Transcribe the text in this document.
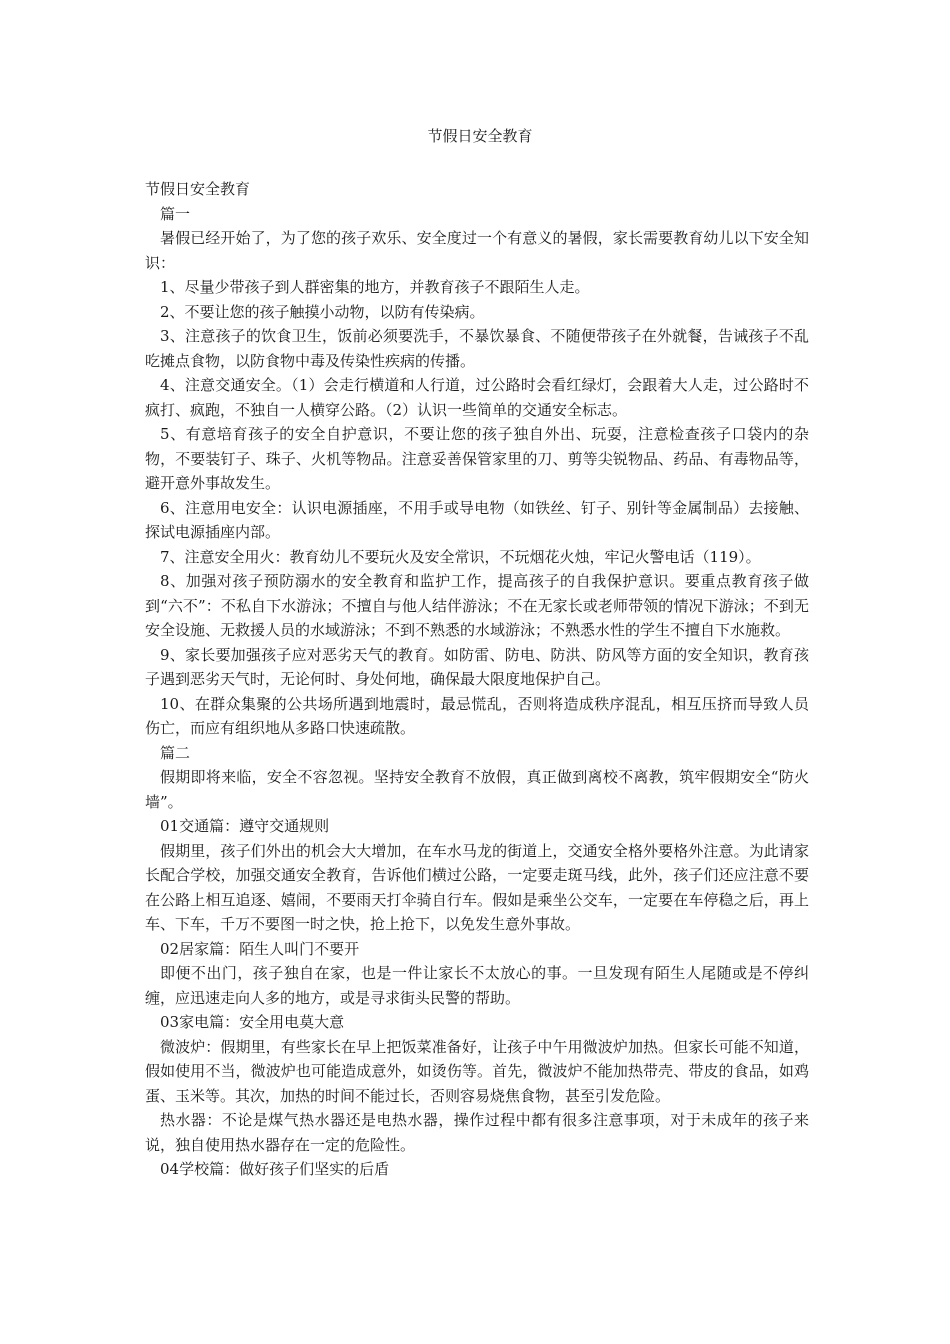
节假日安全教育

节假日安全教育

篇一

暑假已经开始了，为了您的孩子欢乐、安全度过一个有意义的暑假，家长需要教育幼儿以下安全知识：

1、尽量少带孩子到人群密集的地方，并教育孩子不跟陌生人走。

2、不要让您的孩子触摸小动物，以防有传染病。

3、注意孩子的饮食卫生，饭前必须要洗手，不暴饮暴食、不随便带孩子在外就餐，告诫孩子不乱吃摊点食物，以防食物中毒及传染性疾病的传播。

4、注意交通安全。（1）会走行横道和人行道，过公路时会看红绿灯，会跟着大人走，过公路时不疯打、疯跑，不独自一人横穿公路。（2）认识一些简单的交通安全标志。

5、有意培育孩子的安全自护意识，不要让您的孩子独自外出、玩耍，注意检查孩子口袋内的杂物，不要装钉子、珠子、火机等物品。注意妥善保管家里的刀、剪等尖锐物品、药品、有毒物品等，避开意外事故发生。

6、注意用电安全：认识电源插座，不用手或导电物（如铁丝、钉子、别针等金属制品）去接触、探试电源插座内部。

7、注意安全用火：教育幼儿不要玩火及安全常识，不玩烟花火烛，牢记火警电话（119）。

8、加强对孩子预防溺水的安全教育和监护工作，提高孩子的自我保护意识。要重点教育孩子做到“六不”：不私自下水游泳；不擅自与他人结伴游泳；不在无家长或老师带领的情况下游泳；不到无安全设施、无救援人员的水域游泳；不到不熟悉的水域游泳；不熟悉水性的学生不擅自下水施救。

9、家长要加强孩子应对恶劣天气的教育。如防雷、防电、防洪、防风等方面的安全知识，教育孩子遇到恶劣天气时，无论何时、身处何地，确保最大限度地保护自己。

10、在群众集聚的公共场所遇到地震时，最忌慌乱，否则将造成秩序混乱，相互压挤而导致人员伤亡，而应有组织地从多路口快速疏散。

篇二

假期即将来临，安全不容忽视。坚持安全教育不放假，真正做到离校不离教，筑牢假期安全“防火墙”。

01交通篇：遵守交通规则

假期里，孩子们外出的机会大大增加，在车水马龙的街道上，交通安全格外要格外注意。为此请家长配合学校，加强交通安全教育，告诉他们横过公路，一定要走斑马线，此外，孩子们还应注意不要在公路上相互追逐、嬉闹，不要雨天打伞骑自行车。假如是乘坐公交车，一定要在车停稳之后，再上车、下车，千万不要图一时之快，抢上抢下，以免发生意外事故。

02居家篇：陌生人叫门不要开

即便不出门，孩子独自在家，也是一件让家长不太放心的事。一旦发现有陌生人尾随或是不停纠缠，应迅速走向人多的地方，或是寻求街头民警的帮助。

03家电篇：安全用电莫大意

微波炉：假期里，有些家长在早上把饭菜准备好，让孩子中午用微波炉加热。但家长可能不知道，假如使用不当，微波炉也可能造成意外，如烫伤等。首先，微波炉不能加热带壳、带皮的食品，如鸡蛋、玉米等。其次，加热的时间不能过长，否则容易烧焦食物，甚至引发危险。

热水器：不论是煤气热水器还是电热水器，操作过程中都有很多注意事项，对于未成年的孩子来说，独自使用热水器存在一定的危险性。

04学校篇：做好孩子们坚实的后盾
